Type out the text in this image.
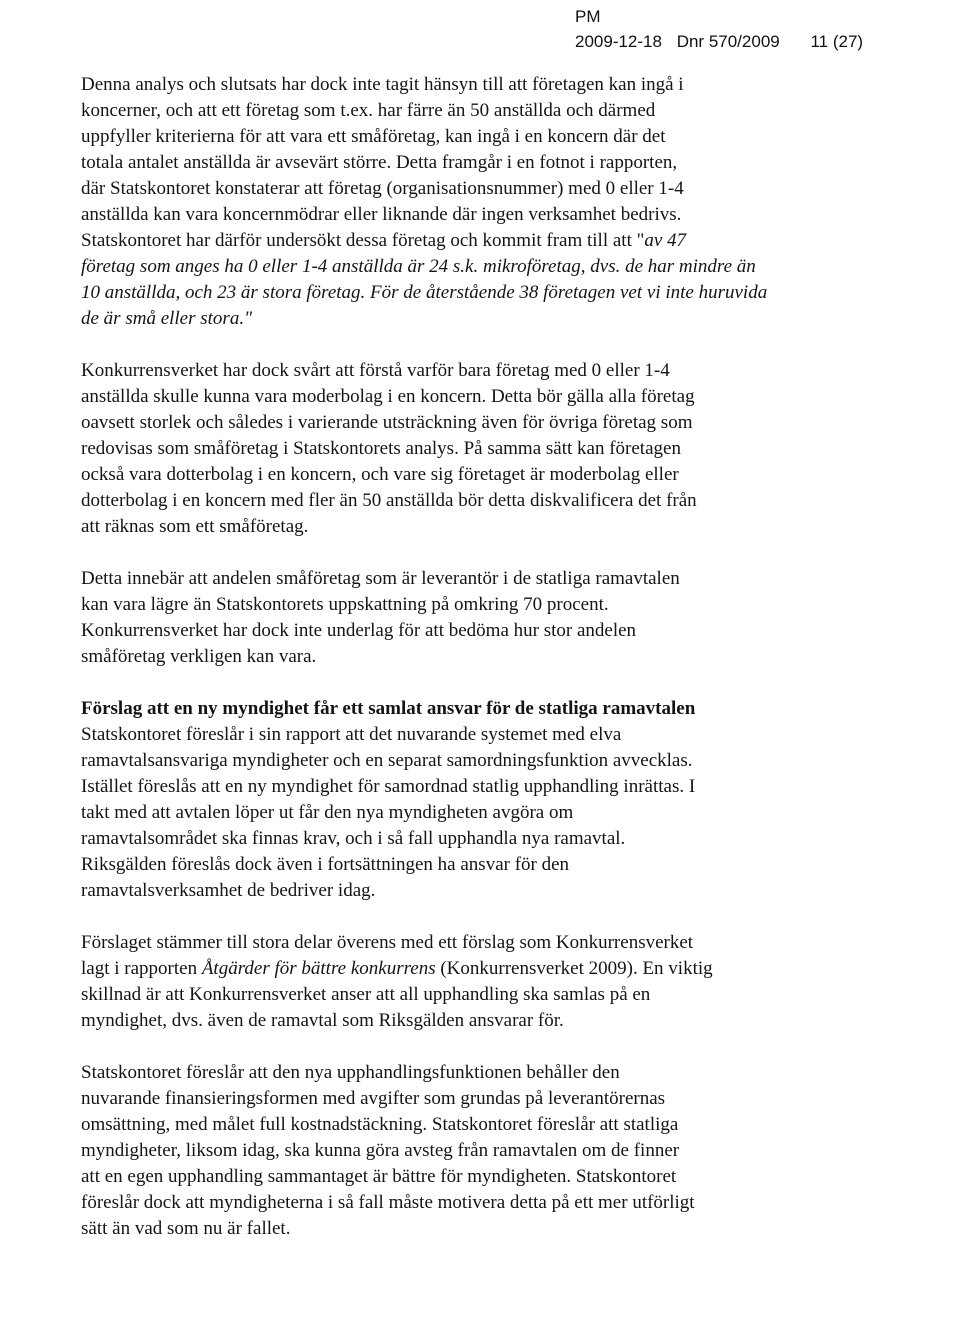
PM
2009-12-18 Dnr 570/2009 11 (27)

Denna analys och slutsats har dock inte tagit hänsyn till att företagen kan ingå i
koncerner, och att ett företag som t.ex. har färre än 50 anställda och därmed
uppfyller kriterierna för att vara ett småföretag, kan ingå i en koncern där det
totala antalet anställda är avsevärt större. Detta framgår i en fotnot i rapporten,
där Statskontoret konstaterar att företag (organisationsnummer) med 0 eller 1-4
anställda kan vara koncernmödrar eller liknande där ingen verksamhet bedrivs.
Statskontoret har därför undersökt dessa företag och kommit fram till att "av 47
företag som anges ha 0 eller 1-4 anställda är 24 s.k. mikroföretag, dvs. de har mindre än
10 anställda, och 23 är stora företag. För de återstående 38 företagen vet vi inte huruvida
de är små eller stora."

Konkurrensverket har dock svårt att förstå varför bara företag med 0 eller 1-4
anställda skulle kunna vara moderbolag i en koncern. Detta bör gälla alla företag
oavsett storlek och således i varierande utsträckning även för övriga företag som
redovisas som småföretag i Statskontorets analys. På samma sätt kan företagen
också vara dotterbolag i en koncern, och vare sig företaget är moderbolag eller
dotterbolag i en koncern med fler än 50 anställda bör detta diskvalificera det från
att räknas som ett småföretag.

Detta innebär att andelen småföretag som är leverantör i de statliga ramavtalen
kan vara lägre än Statskontorets uppskattning på omkring 70 procent.
Konkurrensverket har dock inte underlag för att bedöma hur stor andelen
småföretag verkligen kan vara.

Förslag att en ny myndighet får ett samlat ansvar för de statliga ramavtalen
Statskontoret föreslår i sin rapport att det nuvarande systemet med elva
ramavtalsansvariga myndigheter och en separat samordningsfunktion avvecklas.
Istället föreslås att en ny myndighet för samordnad statlig upphandling inrättas. I
takt med att avtalen löper ut får den nya myndigheten avgöra om
ramavtalsområdet ska finnas krav, och i så fall upphandla nya ramavtal.
Riksgälden föreslås dock även i fortsättningen ha ansvar för den
ramavtalsverksamhet de bedriver idag.

Förslaget stämmer till stora delar överens med ett förslag som Konkurrensverket
lagt i rapporten Åtgärder för bättre konkurrens (Konkurrensverket 2009). En viktig
skillnad är att Konkurrensverket anser att all upphandling ska samlas på en
myndighet, dvs. även de ramavtal som Riksgälden ansvarar för.

Statskontoret föreslår att den nya upphandlingsfunktionen behåller den
nuvarande finansieringsformen med avgifter som grundas på leverantörernas
omsättning, med målet full kostnadstäckning. Statskontoret föreslår att statliga
myndigheter, liksom idag, ska kunna göra avsteg från ramavtalen om de finner
att en egen upphandling sammantaget är bättre för myndigheten. Statskontoret
föreslår dock att myndigheterna i så fall måste motivera detta på ett mer utförligt
sätt än vad som nu är fallet.
